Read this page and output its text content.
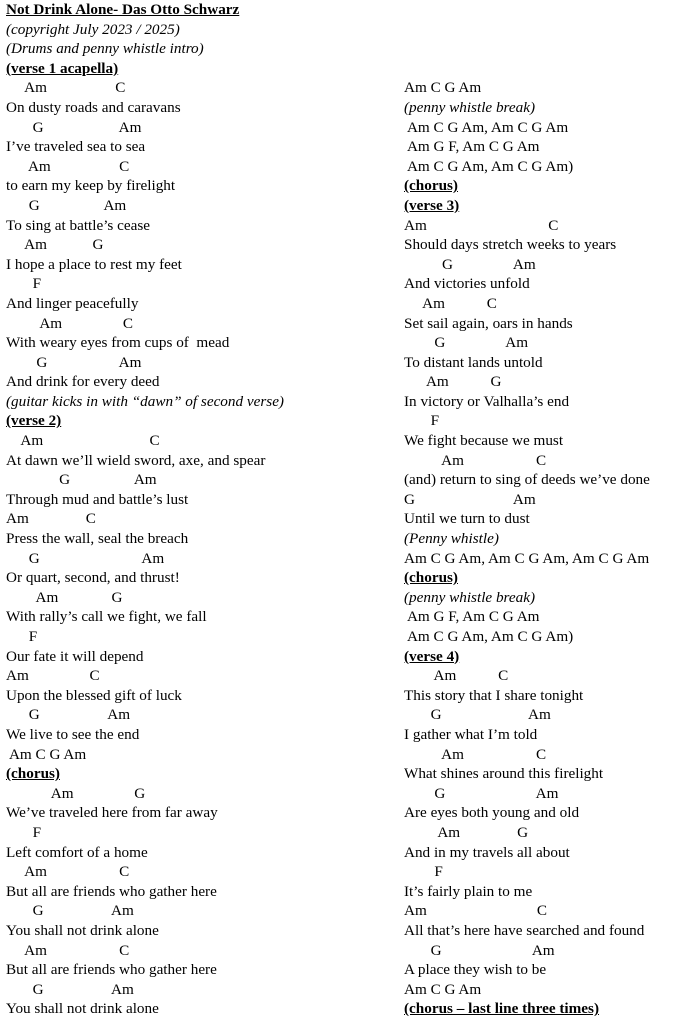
Not Drink Alone- Das Otto Schwarz
(copyright July 2023 / 2025)
(Drums and penny whistle intro)
(verse 1 acapella)
Am                  C
On dusty roads and caravans
G                    Am
I’ve traveled sea to sea
Am                  C
to earn my keep by firelight
G                 Am
To sing at battle’s cease
Am            G
I hope a place to rest my feet
F
And linger peacefully
Am                C
With weary eyes from cups of  mead
G                   Am
And drink for every deed
(guitar kicks in with “dawn” of second verse)
(verse 2)
Am                            C
At dawn we’ll wield sword, axe, and spear
G                 Am
Through mud and battle’s lust
Am               C
Press the wall, seal the breach
G                           Am
Or quart, second, and thrust!
Am              G
With rally’s call we fight, we fall
F
Our fate it will depend
Am                C
Upon the blessed gift of luck
G                  Am
We live to see the end
Am C G Am
(chorus)
Am                G
We’ve traveled here from far away
F
Left comfort of a home
Am                   C
But all are friends who gather here
G                  Am
You shall not drink alone
Am                   C
But all are friends who gather here
G                  Am
You shall not drink alone
Am C G Am
(penny whistle break)
Am C G Am, Am C G Am
Am G F, Am C G Am
Am C G Am, Am C G Am)
(chorus)
(verse 3)
Am                                C
Should days stretch weeks to years
G                Am
And victories unfold
Am           C
Set sail again, oars in hands
G                Am
To distant lands untold
Am           G
In victory or Valhalla’s end
F
We fight because we must
Am                   C
(and) return to sing of deeds we’ve done
G                          Am
Until we turn to dust
(Penny whistle)
Am C G Am, Am C G Am, Am C G Am
(chorus)
(penny whistle break)
Am G F, Am C G Am
Am C G Am, Am C G Am)
(verse 4)
Am           C
This story that I share tonight
G                       Am
I gather what I’m told
Am                   C
What shines around this firelight
G                        Am
Are eyes both young and old
Am               G
And in my travels all about
F
It’s fairly plain to me
Am                             C
All that’s here have searched and found
G                        Am
A place they wish to be
Am C G Am
(chorus – last line three times)
